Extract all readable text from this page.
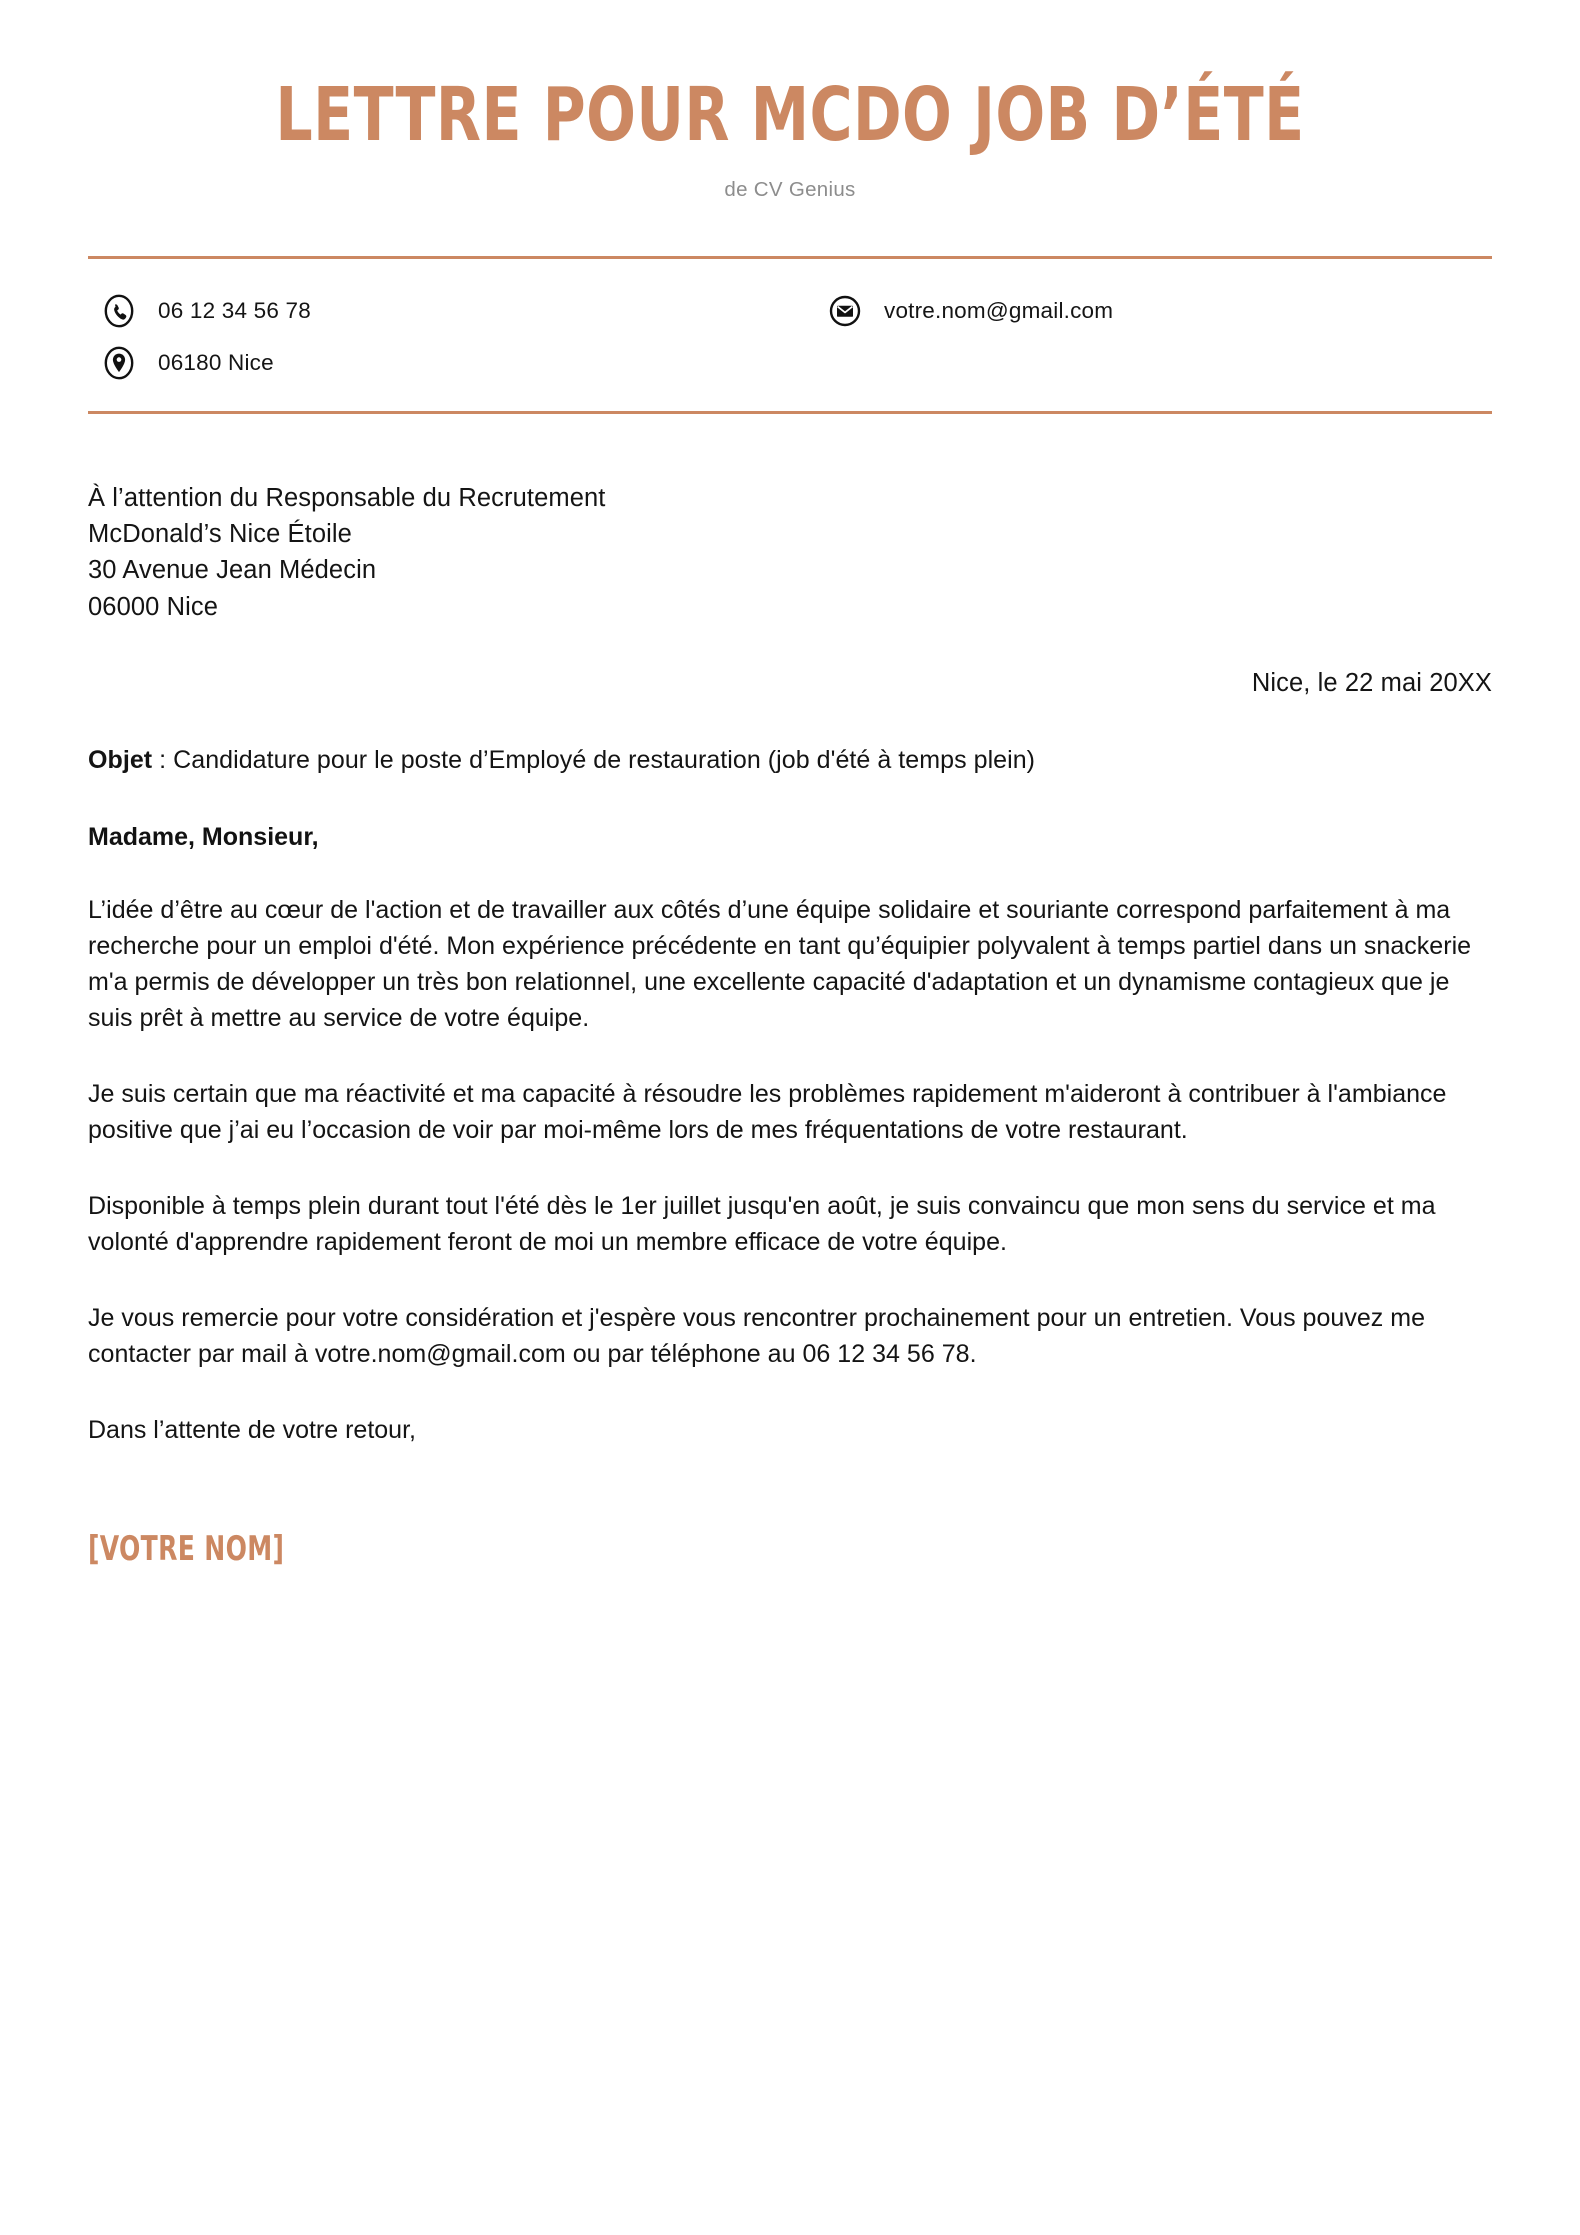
LETTRE POUR MCDO JOB D’ÉTÉ
de CV Genius
06 12 34 56 78	votre.nom@gmail.com
06180 Nice
À l’attention du Responsable du Recrutement
McDonald’s Nice Étoile
30 Avenue Jean Médecin
06000 Nice
Nice, le 22 mai 20XX
Objet : Candidature pour le poste d’Employé de restauration (job d'été à temps plein)
Madame, Monsieur,

L’idée d’être au cœur de l'action et de travailler aux côtés d’une équipe solidaire et souriante correspond parfaitement à ma recherche pour un emploi d'été. Mon expérience précédente en tant qu’équipier polyvalent à temps partiel dans un snackerie m'a permis de développer un très bon relationnel, une excellente capacité d'adaptation et un dynamisme contagieux que je suis prêt à mettre au service de votre équipe.

Je suis certain que ma réactivité et ma capacité à résoudre les problèmes rapidement m'aideront à contribuer à l'ambiance positive que j’ai eu l’occasion de voir par moi-même lors de mes fréquentations de votre restaurant.

Disponible à temps plein durant tout l'été dès le 1er juillet jusqu'en août, je suis convaincu que mon sens du service et ma volonté d'apprendre rapidement feront de moi un membre efficace de votre équipe.

Je vous remercie pour votre considération et j'espère vous rencontrer prochainement pour un entretien. Vous pouvez me contacter par mail à votre.nom@gmail.com ou par téléphone au 06 12 34 56 78.

Dans l’attente de votre retour,
[VOTRE NOM]
